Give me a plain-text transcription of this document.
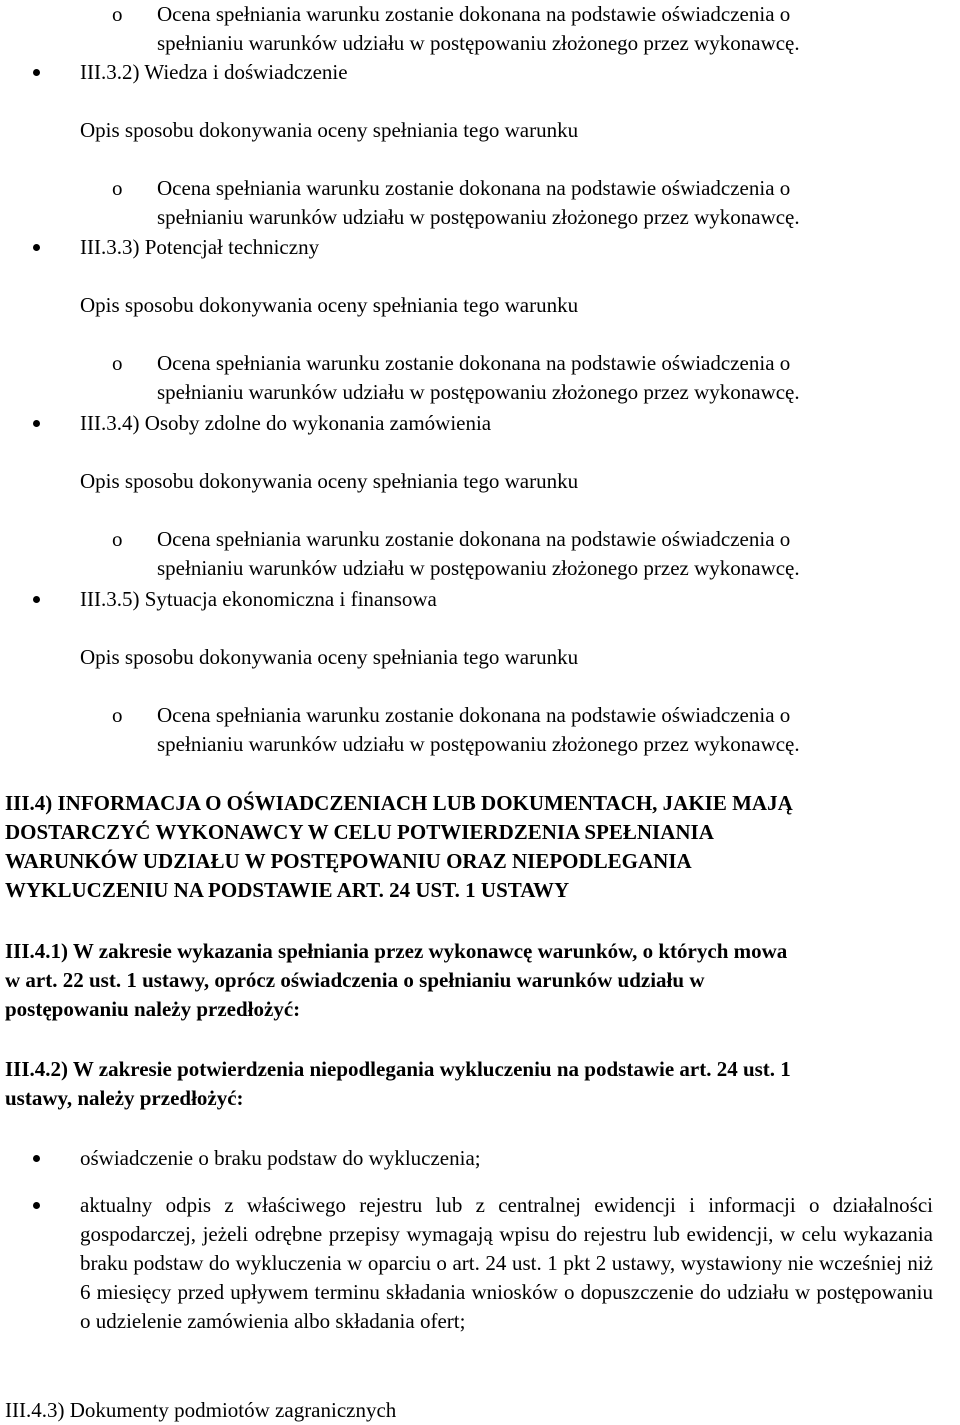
o Ocena spełniania warunku zostanie dokonana na podstawie oświadczenia o
spełnianiu warunków udziału w postępowaniu złożonego przez wykonawcę.
III.3.2) Wiedza i doświadczenie
Opis sposobu dokonywania oceny spełniania tego warunku
o Ocena spełniania warunku zostanie dokonana na podstawie oświadczenia o
spełnianiu warunków udziału w postępowaniu złożonego przez wykonawcę.
III.3.3) Potencjał techniczny
Opis sposobu dokonywania oceny spełniania tego warunku
o Ocena spełniania warunku zostanie dokonana na podstawie oświadczenia o
spełnianiu warunków udziału w postępowaniu złożonego przez wykonawcę.
III.3.4) Osoby zdolne do wykonania zamówienia
Opis sposobu dokonywania oceny spełniania tego warunku
o Ocena spełniania warunku zostanie dokonana na podstawie oświadczenia o
spełnianiu warunków udziału w postępowaniu złożonego przez wykonawcę.
III.3.5) Sytuacja ekonomiczna i finansowa
Opis sposobu dokonywania oceny spełniania tego warunku
o Ocena spełniania warunku zostanie dokonana na podstawie oświadczenia o
spełnianiu warunków udziału w postępowaniu złożonego przez wykonawcę.
III.4) INFORMACJA O OŚWIADCZENIACH LUB DOKUMENTACH, JAKIE MAJĄ
DOSTARCZYĆ WYKONAWCY W CELU POTWIERDZENIA SPEŁNIANIA
WARUNKÓW UDZIAŁU W POSTĘPOWANIU ORAZ NIEPODLEGANIA
WYKLUCZENIU NA PODSTAWIE ART. 24 UST. 1 USTAWY
III.4.1) W zakresie wykazania spełniania przez wykonawcę warunków, o których mowa
w art. 22 ust. 1 ustawy, oprócz oświadczenia o spełnianiu warunków udziału w
postępowaniu należy przedłożyć:
III.4.2) W zakresie potwierdzenia niepodlegania wykluczeniu na podstawie art. 24 ust. 1
ustawy, należy przedłożyć:
oświadczenie o braku podstaw do wykluczenia;
aktualny odpis z właściwego rejestru lub z centralnej ewidencji i informacji o działalności gospodarczej, jeżeli odrębne przepisy wymagają wpisu do rejestru lub ewidencji, w celu wykazania braku podstaw do wykluczenia w oparciu o art. 24 ust. 1 pkt 2 ustawy, wystawiony nie wcześniej niż 6 miesięcy przed upływem terminu składania wniosków o dopuszczenie do udziału w postępowaniu o udzielenie zamówienia albo składania ofert;
III.4.3) Dokumenty podmiotów zagranicznych
